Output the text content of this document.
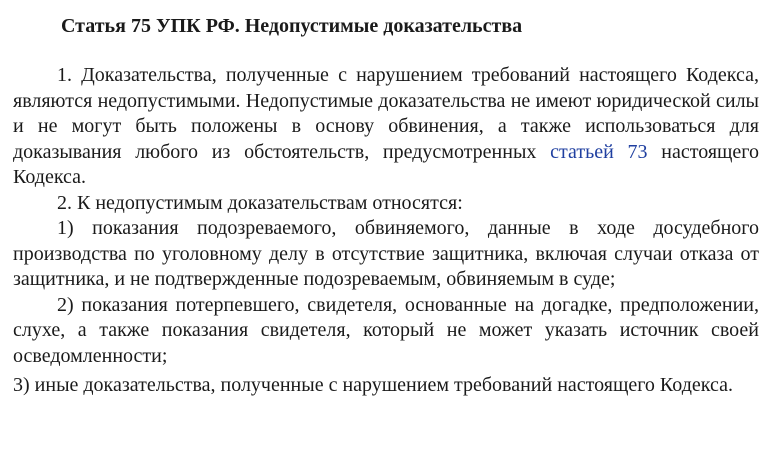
Статья 75 УПК РФ. Недопустимые доказательства

1. Доказательства, полученные с нарушением требований настоящего Кодекса, являются недопустимыми. Недопустимые доказательства не имеют юридической силы и не могут быть положены в основу обвинения, а также использоваться для доказывания любого из обстоятельств, предусмотренных статьей 73 настоящего Кодекса.

2. К недопустимым доказательствам относятся:

1) показания подозреваемого, обвиняемого, данные в ходе досудебного производства по уголовному делу в отсутствие защитника, включая случаи отказа от защитника, и не подтвержденные подозреваемым, обвиняемым в суде;

2) показания потерпевшего, свидетеля, основанные на догадке, предположении, слухе, а также показания свидетеля, который не может указать источник своей осведомленности;

3) иные доказательства, полученные с нарушением требований настоящего Кодекса.
